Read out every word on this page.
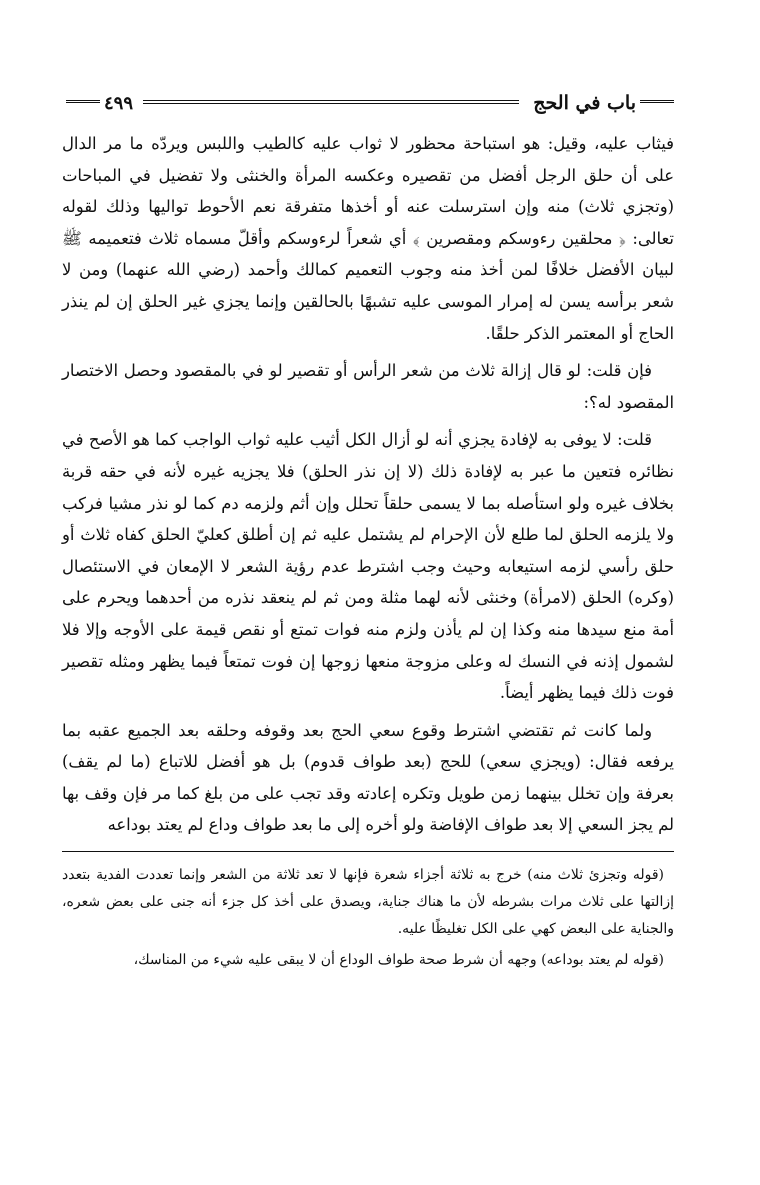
باب في الحج
٤٩٩

فيثاب عليه، وقيل: هو استباحة محظور لا ثواب عليه كالطيب واللبس ويردّه ما مر الدال على أن حلق الرجل أفضل من تقصيره وعكسه المرأة والخنثى ولا تفضيل في المباحات (وتجزي ثلاث) منه وإن استرسلت عنه أو أخذها متفرقة نعم الأحوط تواليها وذلك لقوله تعالى: ﴿ محلقين رءوسكم ومقصرين ﴾ أي شعراً لرءوسكم وأقلّ مسماه ثلاث فتعميمه ﷺ لبيان الأفضل خلافًا لمن أخذ منه وجوب التعميم كمالك وأحمد (رضي الله عنهما) ومن لا شعر برأسه يسن له إمرار الموسى عليه تشبهًا بالحالقين وإنما يجزي غير الحلق إن لم ينذر الحاج أو المعتمر الذكر حلقًا.

فإن قلت: لو قال إزالة ثلاث من شعر الرأس أو تقصير لو في بالمقصود وحصل الاختصار المقصود له؟:

قلت: لا يوفى به لإفادة يجزي أنه لو أزال الكل أثيب عليه ثواب الواجب كما هو الأصح في نظائره فتعين ما عبر به لإفادة ذلك (لا إن نذر الحلق) فلا يجزيه غيره لأنه في حقه قربة بخلاف غيره ولو استأصله بما لا يسمى حلقاً تحلل وإن أثم ولزمه دم كما لو نذر مشيا فركب ولا يلزمه الحلق لما طلع لأن الإحرام لم يشتمل عليه ثم إن أطلق كعليّ الحلق كفاه ثلاث أو حلق رأسي لزمه استيعابه وحيث وجب اشترط عدم رؤية الشعر لا الإمعان في الاستئصال (وكره) الحلق (لامرأة) وخنثى لأنه لهما مثلة ومن ثم لم ينعقد نذره من أحدهما ويحرم على أمة منع سيدها منه وكذا إن لم يأذن ولزم منه فوات تمتع أو نقص قيمة على الأوجه وإلا فلا لشمول إذنه في النسك له وعلى مزوجة منعها زوجها إن فوت تمتعاً فيما يظهر ومثله تقصير فوت ذلك فيما يظهر أيضاً.

ولما كانت ثم تقتضي اشترط وقوع سعي الحج بعد وقوفه وحلقه بعد الجميع عقبه بما يرفعه فقال: (ويجزي سعي) للحج (بعد طواف قدوم) بل هو أفضل للاتباع (ما لم يقف) بعرفة وإن تخلل بينهما زمن طويل وتكره إعادته وقد تجب على من بلغ كما مر فإن وقف بها لم يجز السعي إلا بعد طواف الإفاضة ولو أخره إلى ما بعد طواف وداع لم يعتد بوداعه

(قوله وتجزئ ثلاث منه) خرج به ثلاثة أجزاء شعرة فإنها لا تعد ثلاثة من الشعر وإنما تعددت الفدية بتعدد إزالتها على ثلاث مرات بشرطه لأن ما هناك جناية، ويصدق على أخذ كل جزء أنه جنى على بعض شعره، والجناية على البعض كهي على الكل تغليظًا عليه.

(قوله لم يعتد بوداعه) وجهه أن شرط صحة طواف الوداع أن لا يبقى عليه شيء من المناسك،
